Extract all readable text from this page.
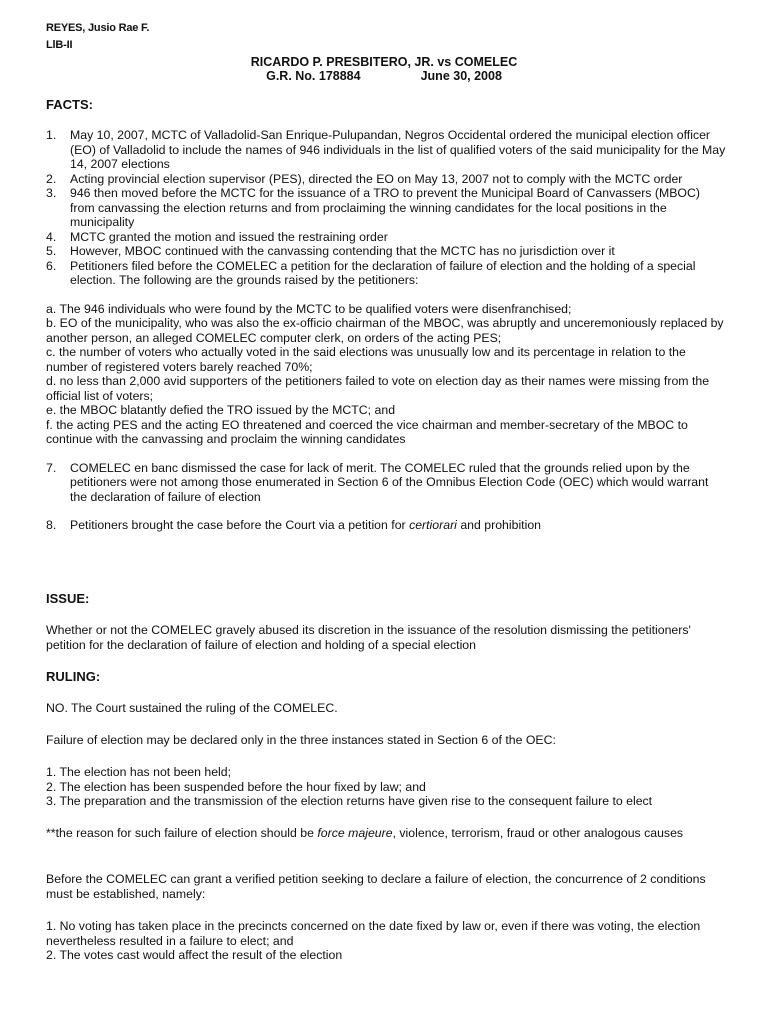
REYES, Jusio Rae F.
LlB-II
RICARDO P. PRESBITERO, JR. vs COMELEC
G.R. No. 178884	June 30, 2008
FACTS:
1.	May 10, 2007, MCTC of Valladolid-San Enrique-Pulupandan, Negros Occidental ordered the municipal election officer (EO) of Valladolid to include the names of 946 individuals in the list of qualified voters of the said municipality for the May 14, 2007 elections
2.	Acting provincial election supervisor (PES), directed the EO on May 13, 2007 not to comply with the MCTC order
3.	946 then moved before the MCTC for the issuance of a TRO to prevent the Municipal Board of Canvassers (MBOC) from canvassing the election returns and from proclaiming the winning candidates for the local positions in the municipality
4.	MCTC granted the motion and issued the restraining order
5.	However, MBOC continued with the canvassing contending that the MCTC has no jurisdiction over it
6.	Petitioners filed before the COMELEC a petition for the declaration of failure of election and the holding of a special election. The following are the grounds raised by the petitioners:
a. The 946 individuals who were found by the MCTC to be qualified voters were disenfranchised;
b. EO of the municipality, who was also the ex-officio chairman of the MBOC, was abruptly and unceremoniously replaced by another person, an alleged COMELEC computer clerk, on orders of the acting PES;
c. the number of voters who actually voted in the said elections was unusually low and its percentage in relation to the number of registered voters barely reached 70%;
d. no less than 2,000 avid supporters of the petitioners failed to vote on election day as their names were missing from the official list of voters;
e. the MBOC blatantly defied the TRO issued by the MCTC; and
f. the acting PES and the acting EO threatened and coerced the vice chairman and member-secretary of the MBOC to continue with the canvassing and proclaim the winning candidates
7.	COMELEC en banc dismissed the case for lack of merit. The COMELEC ruled that the grounds relied upon by the petitioners were not among those enumerated in Section 6 of the Omnibus Election Code (OEC) which would warrant the declaration of failure of election
8.	Petitioners brought the case before the Court via a petition for certiorari and prohibition
ISSUE:
Whether or not the COMELEC gravely abused its discretion in the issuance of the resolution dismissing the petitioners' petition for the declaration of failure of election and holding of a special election
RULING:
NO. The Court sustained the ruling of the COMELEC.
Failure of election may be declared only in the three instances stated in Section 6 of the OEC:
1. The election has not been held;
2. The election has been suspended before the hour fixed by law; and
3. The preparation and the transmission of the election returns have given rise to the consequent failure to elect
**the reason for such failure of election should be force majeure, violence, terrorism, fraud or other analogous causes
Before the COMELEC can grant a verified petition seeking to declare a failure of election, the concurrence of 2 conditions must be established, namely:
1. No voting has taken place in the precincts concerned on the date fixed by law or, even if there was voting, the election nevertheless resulted in a failure to elect; and
2. The votes cast would affect the result of the election
